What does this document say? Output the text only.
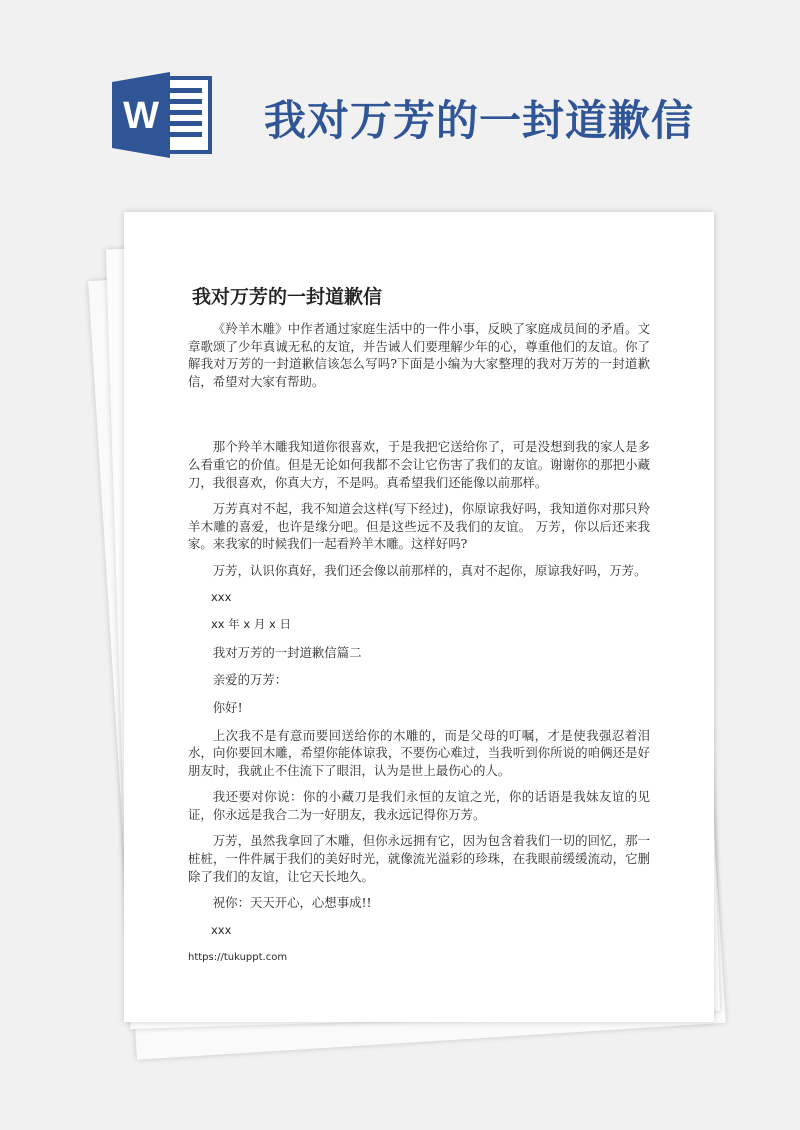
W	我对万芳的一封道歉信
我对万芳的一封道歉信

《羚羊木雕》中作者通过家庭生活中的一件小事，反映了家庭成员间的矛盾。文章歌颂了少年真诚无私的友谊，并告诫人们要理解少年的心，尊重他们的友谊。你了解我对万芳的一封道歉信该怎么写吗?下面是小编为大家整理的我对万芳的一封道歉信，希望对大家有帮助。

那个羚羊木雕我知道你很喜欢，于是我把它送给你了，可是没想到我的家人是多么看重它的价值。但是无论如何我都不会让它伤害了我们的友谊。谢谢你的那把小藏刀，我很喜欢，你真大方，不是吗。真希望我们还能像以前那样。

万芳真对不起，我不知道会这样(写下经过)，你原谅我好吗，我知道你对那只羚羊木雕的喜爱，也许是缘分吧。但是这些远不及我们的友谊。 万芳，你以后还来我家。来我家的时候我们一起看羚羊木雕。这样好吗?

万芳，认识你真好，我们还会像以前那样的，真对不起你，原谅我好吗，万芳。

xxx

xx 年 x 月 x 日

我对万芳的一封道歉信篇二

亲爱的万芳：

你好!

上次我不是有意而要回送给你的木雕的，而是父母的叮嘱，才是使我强忍着泪水，向你要回木雕，希望你能体谅我，不要伤心难过，当我听到你所说的咱俩还是好朋友时，我就止不住流下了眼泪，认为是世上最伤心的人。

我还要对你说：你的小藏刀是我们永恒的友谊之光，你的话语是我妹友谊的见证，你永远是我合二为一好朋友，我永远记得你万芳。

万芳，虽然我拿回了木雕，但你永远拥有它，因为包含着我们一切的回忆，那一桩桩，一件件属于我们的美好时光，就像流光溢彩的珍珠，在我眼前缓缓流动，它删除了我们的友谊，让它天长地久。

祝你：天天开心，心想事成!!

xxx

https://tukuppt.com
